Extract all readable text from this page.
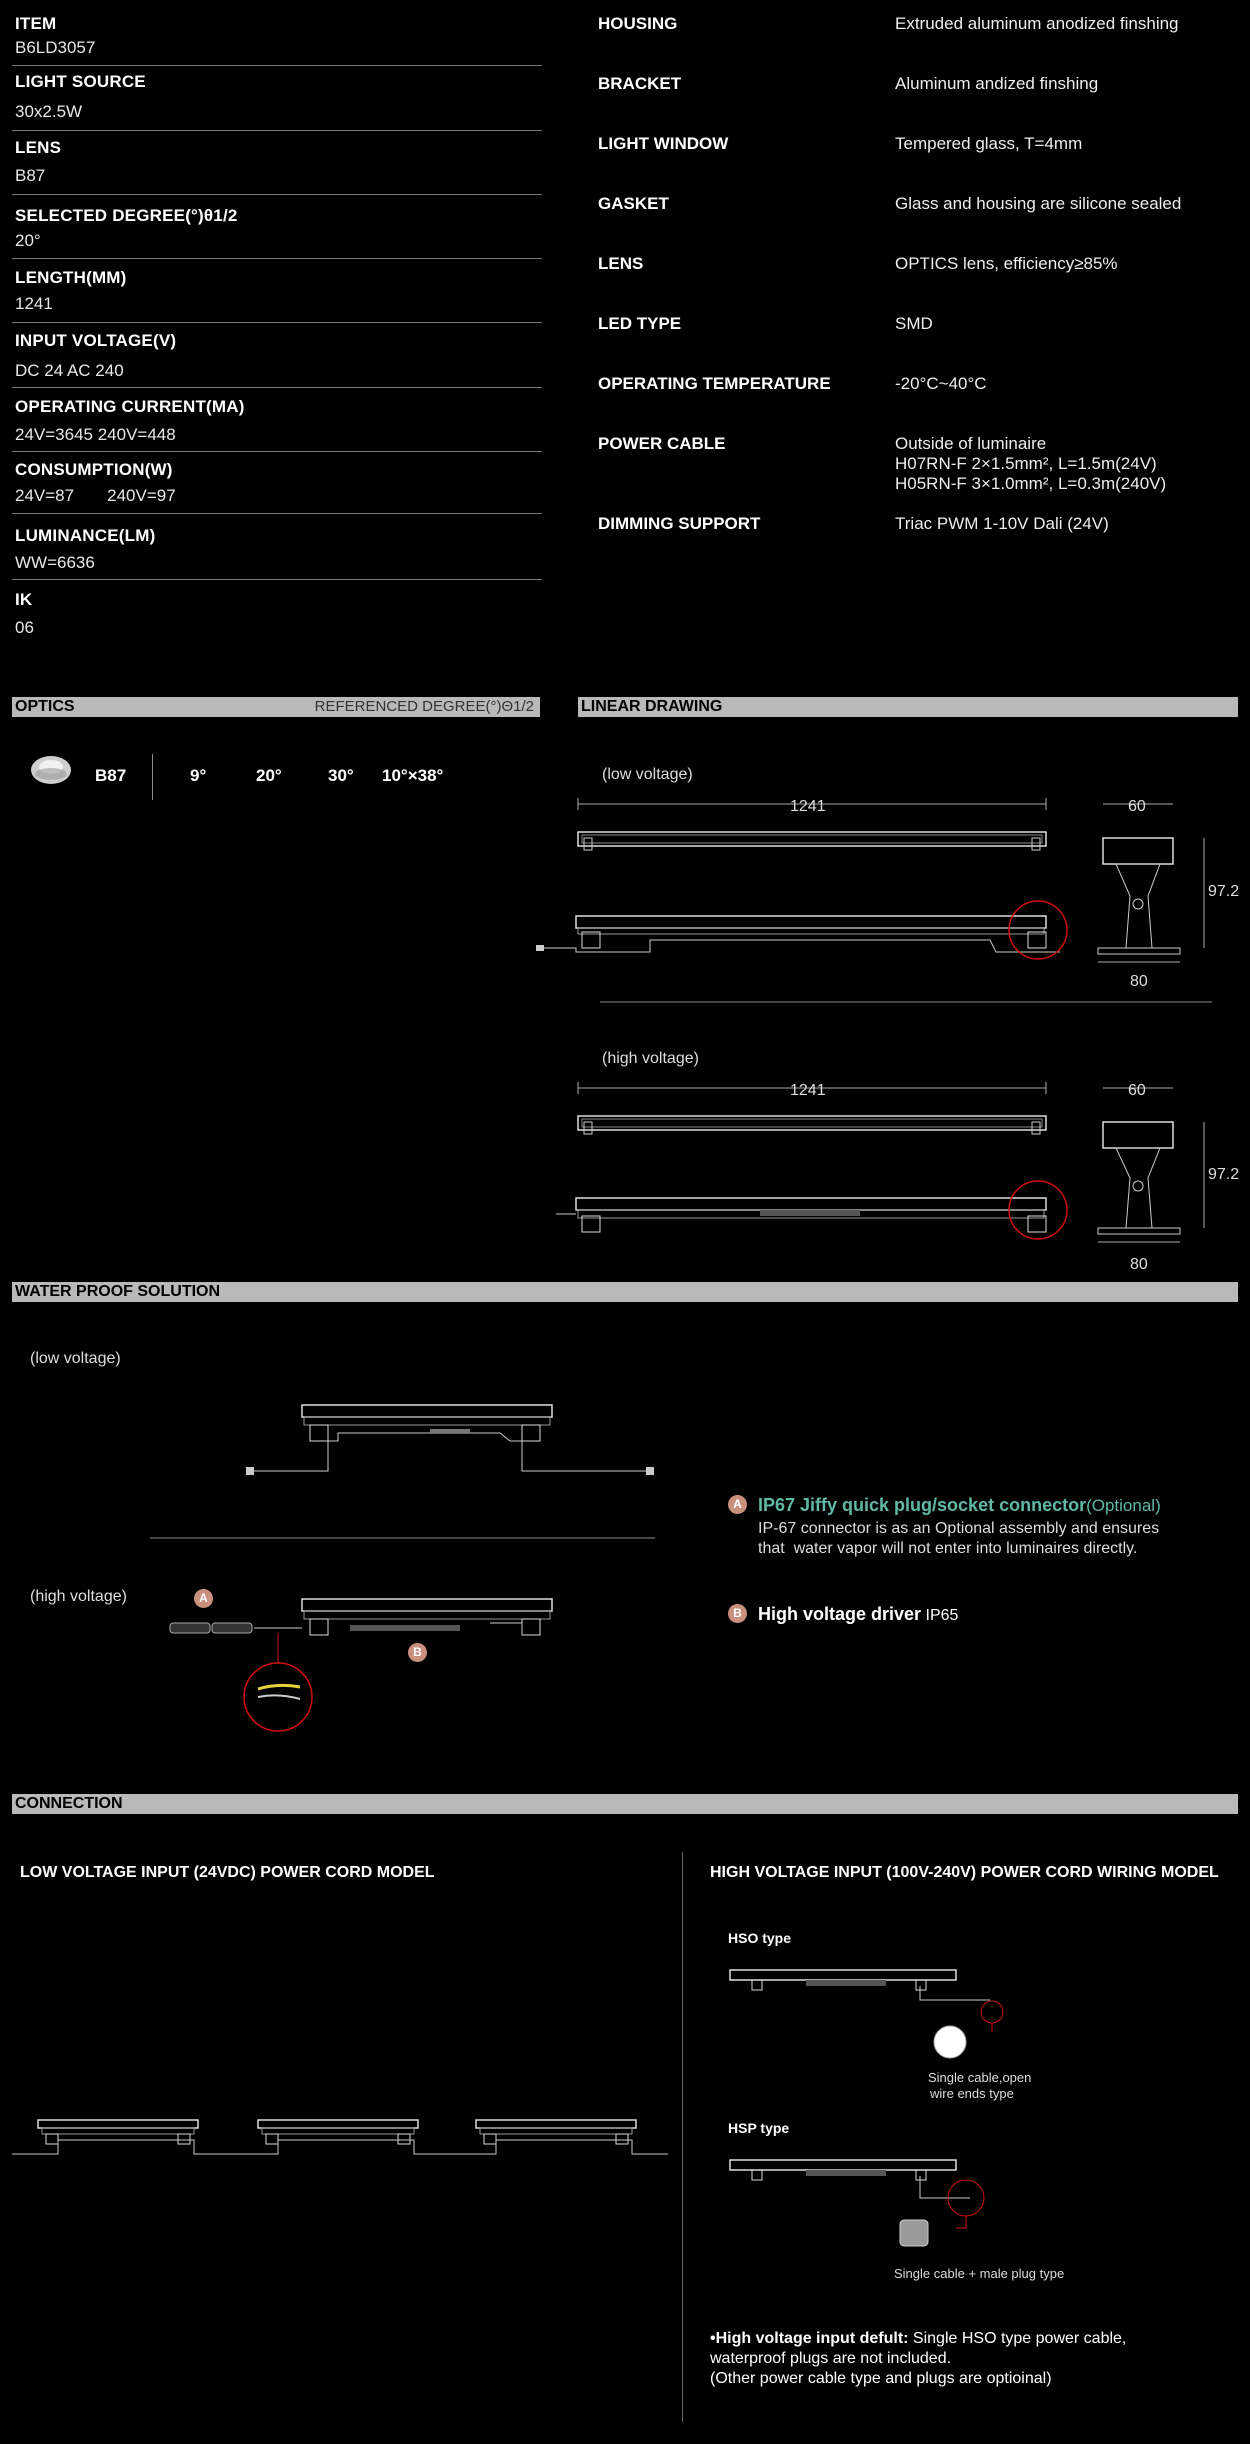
ITEM
B6LD3057
LIGHT SOURCE
30x2.5W
LENS
B87
SELECTED DEGREE(°)θ1/2
20°
LENGTH(MM)
1241
INPUT VOLTAGE(V)
DC 24 AC 240
OPERATING CURRENT(MA)
24V=3645 240V=448
CONSUMPTION(W)
24V=87       240V=97
LUMINANCE(LM)
WW=6636
IK
06
HOUSING	Extruded aluminum anodized finshing
BRACKET	Aluminum andized finshing
LIGHT WINDOW	Tempered glass, T=4mm
GASKET	Glass and housing are silicone sealed
LENS	OPTICS lens, efficiency≥85%
LED TYPE	SMD
OPERATING TEMPERATURE	-20°C~40°C
POWER CABLE	Outside of luminaire
H07RN-F 2×1.5mm², L=1.5m(24V)
H05RN-F 3×1.0mm², L=0.3m(240V)
DIMMING SUPPORT	Triac PWM 1-10V Dali (24V)
OPTICS	REFERENCED DEGREE(°)Θ1/2
B87	9°	20°	30° 10°×38°
LINEAR DRAWING
(low voltage)
(high voltage)
1241	60
97.2
80
1241	60
97.2
80
WATER PROOF SOLUTION
(low voltage)
(high voltage)	A
B
A IP67 Jiffy quick plug/socket connector(Optional)
IP-67 connector is as an Optional assembly and ensures
that  water vapor will not enter into luminaires directly.
B High voltage driver IP65
CONNECTION
LOW VOLTAGE INPUT (24VDC) POWER CORD MODEL	HIGH VOLTAGE INPUT (100V-240V) POWER CORD WIRING MODEL
HSO type
Single cable,open
wire ends type
HSP type
Single cable + male plug type
•High voltage input defult: Single HSO type power cable,
waterproof plugs are not included.
(Other power cable type and plugs are optioinal)
